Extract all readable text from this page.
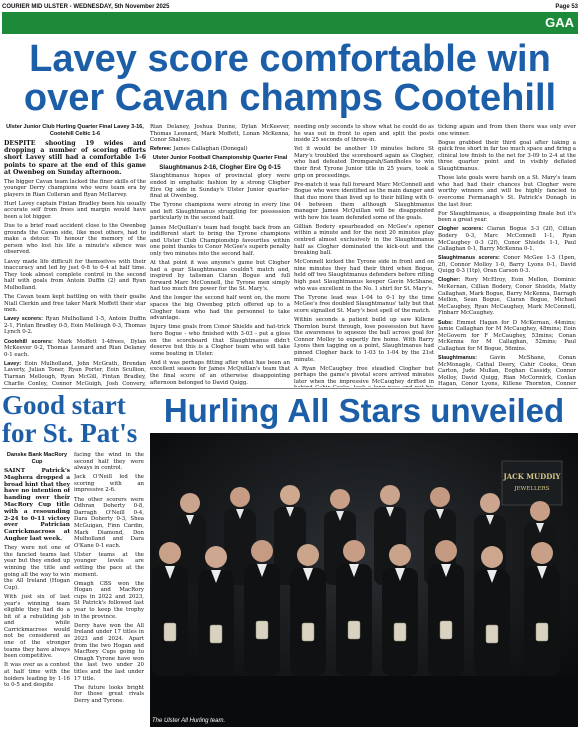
COURIER MID ULSTER - WEDNESDAY, 5th November 2025	Page 53
GAA
Lavey score comfortable win over Cavan champs Cootehill
Ulster Junior Club Hurling Quarter Final Lavey 3-16, Cootehill Celtic 1-6

DESPITE shooting 19 wides and dropping a number of scoring efforts short Lavey still had a comfortable 1-6 points to spare at the end of this game at Owenbeg on Sunday afternoon.

The bigger Cavan team lacked the finer skills of the younger Derry champions who were team era by players in Rian Colleran and Ryan McIlarvey.

Hurl Lavey captain Fintan Bradley been his usually accurate self from frees and margin would have been a lot bigger.

Due to a brief road accident close to the Owenbeg grounds the Cavan side, like most others, had to make a detour. To honour the memory of the person who lost his life a minute's silence was observed.

Lavey made life difficult for themselves with their inaccuracy and led by just 0-8 to 0-4 at half time. They took almost complete control in the second half with goals from Antoin Duffin (2) and Ryan Mulholland.

The Cavan team kept battling on with their goalie Niall Clerkin and free taker Mark Moffett their star men.

Lavey scorers: Ryan Mulholland 1-5, Antoin Duffin 2-1, Fintan Bradley 0-5, Eoin Mellough 0-3, Thomas Lynch 0-2.

Cootehill scorers: Mark Moffett 1-4frees, Dylan McKeever 0-2, Thomas Leonard and Rian Delaney 0-1 each.

Lavey: Eoin Mulholland, John McGrath, Brendan Laverty, Julian Toner, Ryan Porter, Eoin Scullion, Tiarnan Mellough, Ryan McGill, Fintan Bradley, Charlie Conley, Connor McGuigh, Josh Convery,

Rian Delaney, Joshua Dunne, Dylan McKeever, Thomas Leonard, Mark Moffett, Lonan McKenna, Conor Shalvey.

Referee: James Callaghan (Donegal)

Ulster Junior Football Championship Quarter Final
Slaughtmanus 2-16, Clogher Eire Og 0-15

Slaughtmanus hopes of provincial glory were ended in emphatic fashion by a strong Clogher Eire Og side in Sunday's Ulster Junior quarter-final at Owenbeg.

The Tyrone champions were strong in every line and left Slaughtmanus struggling for possession particularly in the second half.

James McQuillan's team had fought back from an indifferent start to bring the Tyrone champions and Ulster Club Championship favourites within one point thanks to Conor McGee's superb penalty only two minutes into the second half.

At that point it was anyone's game but Clogher had a gear Slaughtmanus couldn't match and, inspired by talisman Ciaran Bogue and full forward Marc McConnell, the Tyrone men simply had too much fire power for the St. Mary's.

And the longer the second half went on, the more spaces the big Owenbeg pitch offered up to a Clogher team who had the personnel to take advantage.

Injury time goals from Conor Shields and hat-trick hero Bogue - who finished with 3-03 - put a gloss on the scoreboard that Slaughtmanus didn't deserve but this is a Clogher team who will take some beating in Ulster.

And it was perhaps fitting after what has been an excellent season for James McQuillan's team that the final score of an otherwise disappointing afternoon belonged to David Quigg.

needing only seconds to show what he could do as he was out in front to open and split the posts inside 25 seconds of throw-in.

Yet it would be another 19 minutes before St Mary's troubled the scoreboard again as Clogher, who had defeated Dromgarah/Sandholes to win their first Tyrone Junior title in 25 years, took a grip on proceedings.

Pre-match it was full forward Marc McConnell and Bogue who were identified as the main danger and that duo more than lived up to their billing with 0-04 between them although Slaughtmanus manager James McQuillan will be disappointed with how his team defended some of the goals.

Gillian Bodery spearheaded on McGee's opener within a minute and for the next 20 minutes play centred almost exclusively in the Slaughtmanus half as Clogher dominated the kick-out and the breaking ball.

McConnell kicked the Tyrone side in front and on nine minutes they had their third when Bogue, held off two Slaughtmanus defenders before rifling high past Slaughtmanus keeper Gavin McShane, who was excellent in the No. 1 shirt for St. Mary's.

The Tyrone lead was 1-04 to 0-1 by the time McGee's free doubled Slaughtmanus' tally but that score signalled St. Mary's best spell of the match.

Within seconds a patient build up saw Killene Thornton burst through, lose possession but have the awareness to squeeze the ball across goal for Connor Molloy to expertly fire home. With Barry Lyons then tagging on a point, Slaughtmanus had pinned Clogher back to 1-03 to 1-04 by the 21st minute.

A Ryan McCaughey free steadied Clogher but perhaps the game's pivotal score arrived minutes later when the impressive McCaughey drifted in

ticking again and from then there was only ever one winner.

Bogue grabbed their third goal after taking a quick free short in far too much space and firing a clinical low finish to the net for 3-09 to 2-4 at the three quarter point and in visibly deflated Slaughtmanus.

Those late goals were harsh on a St. Mary's team who had had their chances but Clogher were worthy winners and will be highly fancied to overcome Fermanagh's St. Patrick's Donagh in the last four.

For Slaughtmanus, a disappointing finale but it's been a great year.

Clogher scorers: Ciaran Bogue 3-3 (2f), Cillian Bodery 0-3, Marc McConnell 1-1, Ryan McCaughey 0-3 (2f), Conor Shields 1-1, Paul Callaghan 0-1, Barry McKenna 0-1.

Slaughtmanus scorers: Conor McGee 1-3 (1pen, 2f), Connor Molloy 1-0, Barry Lyons 0-1, David Quigg 0-3 (1tp), Oran Carson 0-3.

Clogher: Rory McElroy, Eoin Mellon, Dominic McKernan, Cillian Bodery, Conor Shields, Matty Callaghan, Mark Bogue, Barry McKenna, Darragh Mellon, Sean Bogue, Ciaran Bogue, Michael McCaughey, Ryan McCaughey, Mark McConnell, Finbarr McCaughey.

Subs: Emmet Hagan for D McKernan, 44mins; Jamie Callaghan for M McCaughey, 48mins; Eoin McGovern for F McCaughey, 53mins; Conan McKenna for M Callaghan, 52mins; Paul Callaghan for M Bogue, 56mins.

Slaughtmanus: Gavin McShane, Conan McMonagle, Cathal Deery, Cahir Cooke, Oran Carton, Jude Mullan, Eoghan Cassidy, Connor Molloy, David Quigg, Rian McCormick, Conlan Hagan, Conor Lyons, Killene Thornton, Conner

Good start for St. Pat's
Danske Bank MacRory Cup

SAINT Patrick's Maghera dropped a broad hint that they have no intention of handing over their MacRory Cup title with a resounding 2-24 to 0-11 victory over Patrician Carrickmacross at Augher last week.

They were not one of the fancied teams last year but they ended up winning the title and going all the way to win the All Ireland (Hogan Cup).

With just six of last year's winning team eligible they had do a bit of a rebuilding job and while Carrickmacross would not be considered as one of the stronger teams they have always been competitive.

It was over as a contest at half time with the holders leading by 1-16 to 0-5 and despite

facing the wind in the second half they were always in control.

Jack O'Neill led the scoring with an impressive 2-6.

The other scorers were Odhran Doherty 0-8, Darragh O'Neill 0-4, Dara Doherty 0-3, Shea McGuigan, Finn Cardin, Mark Diamond, Don Mulholland and Dara O'Kane 0-1 each.

Ulster teams at the younger levels are setting the pace at the moment.

Omagh CBS won the Hogan and MacRory cups in 2022 and 2023, St Patrick's followed last year to keep the trophy in the province.

Derry have won the All Ireland under 17 titles in 2023 and 2024. Apart from the two Hogan and MacRory Cups going to Omagh Tyrone have won the last two under 20 titles and the last under 17 title.

The future looks bright for those great rivals Derry and Tyrone.

Hurling All Stars unveiled
JACK MUDDIY
JEWELLERS
The Ulster All Hurling team.
